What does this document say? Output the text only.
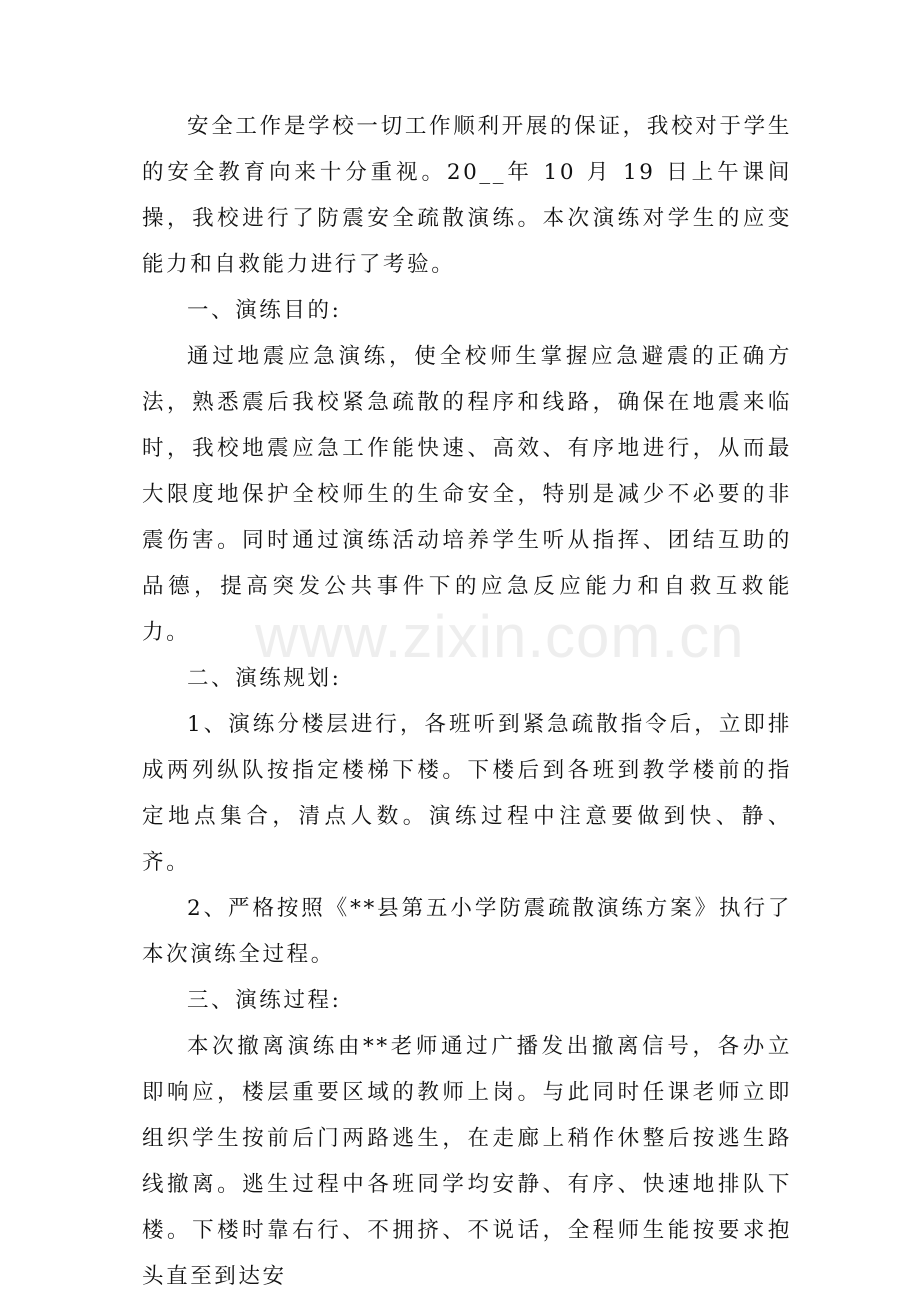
安全工作是学校一切工作顺利开展的保证，我校对于学生的安全教育向来十分重视。20__年 10 月 19 日上午课间操，我校进行了防震安全疏散演练。本次演练对学生的应变能力和自救能力进行了考验。

一、演练目的:

通过地震应急演练，使全校师生掌握应急避震的正确方法，熟悉震后我校紧急疏散的程序和线路，确保在地震来临时，我校地震应急工作能快速、高效、有序地进行，从而最大限度地保护全校师生的生命安全，特别是减少不必要的非震伤害。同时通过演练活动培养学生听从指挥、团结互助的品德，提高突发公共事件下的应急反应能力和自救互救能力。

二、演练规划:

1、演练分楼层进行，各班听到紧急疏散指令后，立即排成两列纵队按指定楼梯下楼。下楼后到各班到教学楼前的指定地点集合，清点人数。演练过程中注意要做到快、静、齐。

2、严格按照《**县第五小学防震疏散演练方案》执行了本次演练全过程。

三、演练过程:

本次撤离演练由**老师通过广播发出撤离信号，各办立即响应，楼层重要区域的教师上岗。与此同时任课老师立即组织学生按前后门两路逃生，在走廊上稍作休整后按逃生路线撤离。逃生过程中各班同学均安静、有序、快速地排队下楼。下楼时靠右行、不拥挤、不说话，全程师生能按要求抱头直至到达安

www.zixin.com.cn
